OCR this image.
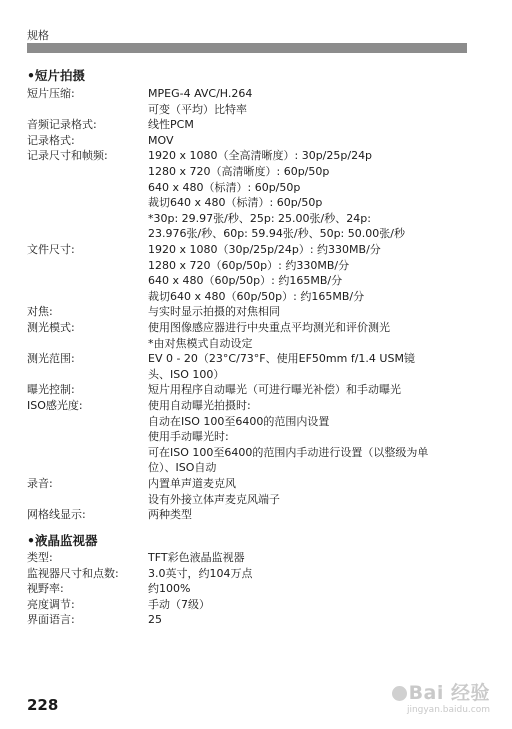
规格
•短片拍摄
短片压缩:	MPEG-4 AVC/H.264
可变（平均）比特率
音频记录格式:	线性PCM
记录格式:	MOV
记录尺寸和帧频:	1920 x 1080（全高清晰度）: 30p/25p/24p
1280 x 720（高清晰度）: 60p/50p
640 x 480（标清）: 60p/50p
裁切640 x 480（标清）: 60p/50p
*30p: 29.97张/秒、25p: 25.00张/秒、24p:
23.976张/秒、60p: 59.94张/秒、50p: 50.00张/秒
文件尺寸:	1920 x 1080（30p/25p/24p）: 约330MB/分
1280 x 720（60p/50p）: 约330MB/分
640 x 480（60p/50p）: 约165MB/分
裁切640 x 480（60p/50p）: 约165MB/分
对焦:	与实时显示拍摄的对焦相同
测光模式:	使用图像感应器进行中央重点平均测光和评价测光
*由对焦模式自动设定
测光范围:	EV 0 - 20（23°C/73°F、使用EF50mm f/1.4 USM镜
头、ISO 100）
曝光控制:	短片用程序自动曝光（可进行曝光补偿）和手动曝光
ISO感光度:	使用自动曝光拍摄时:
自动在ISO 100至6400的范围内设置
使用手动曝光时:
可在ISO 100至6400的范围内手动进行设置（以整级为单
位）、ISO自动
录音:	内置单声道麦克风
设有外接立体声麦克风端子
网格线显示:	两种类型
•液晶监视器
类型:	TFT彩色液晶监视器
监视器尺寸和点数:	3.0英寸，约104万点
视野率:	约100%
亮度调节:	手动（7级）
界面语言:	25
228
Bai 经验
jingyan.baidu.com
